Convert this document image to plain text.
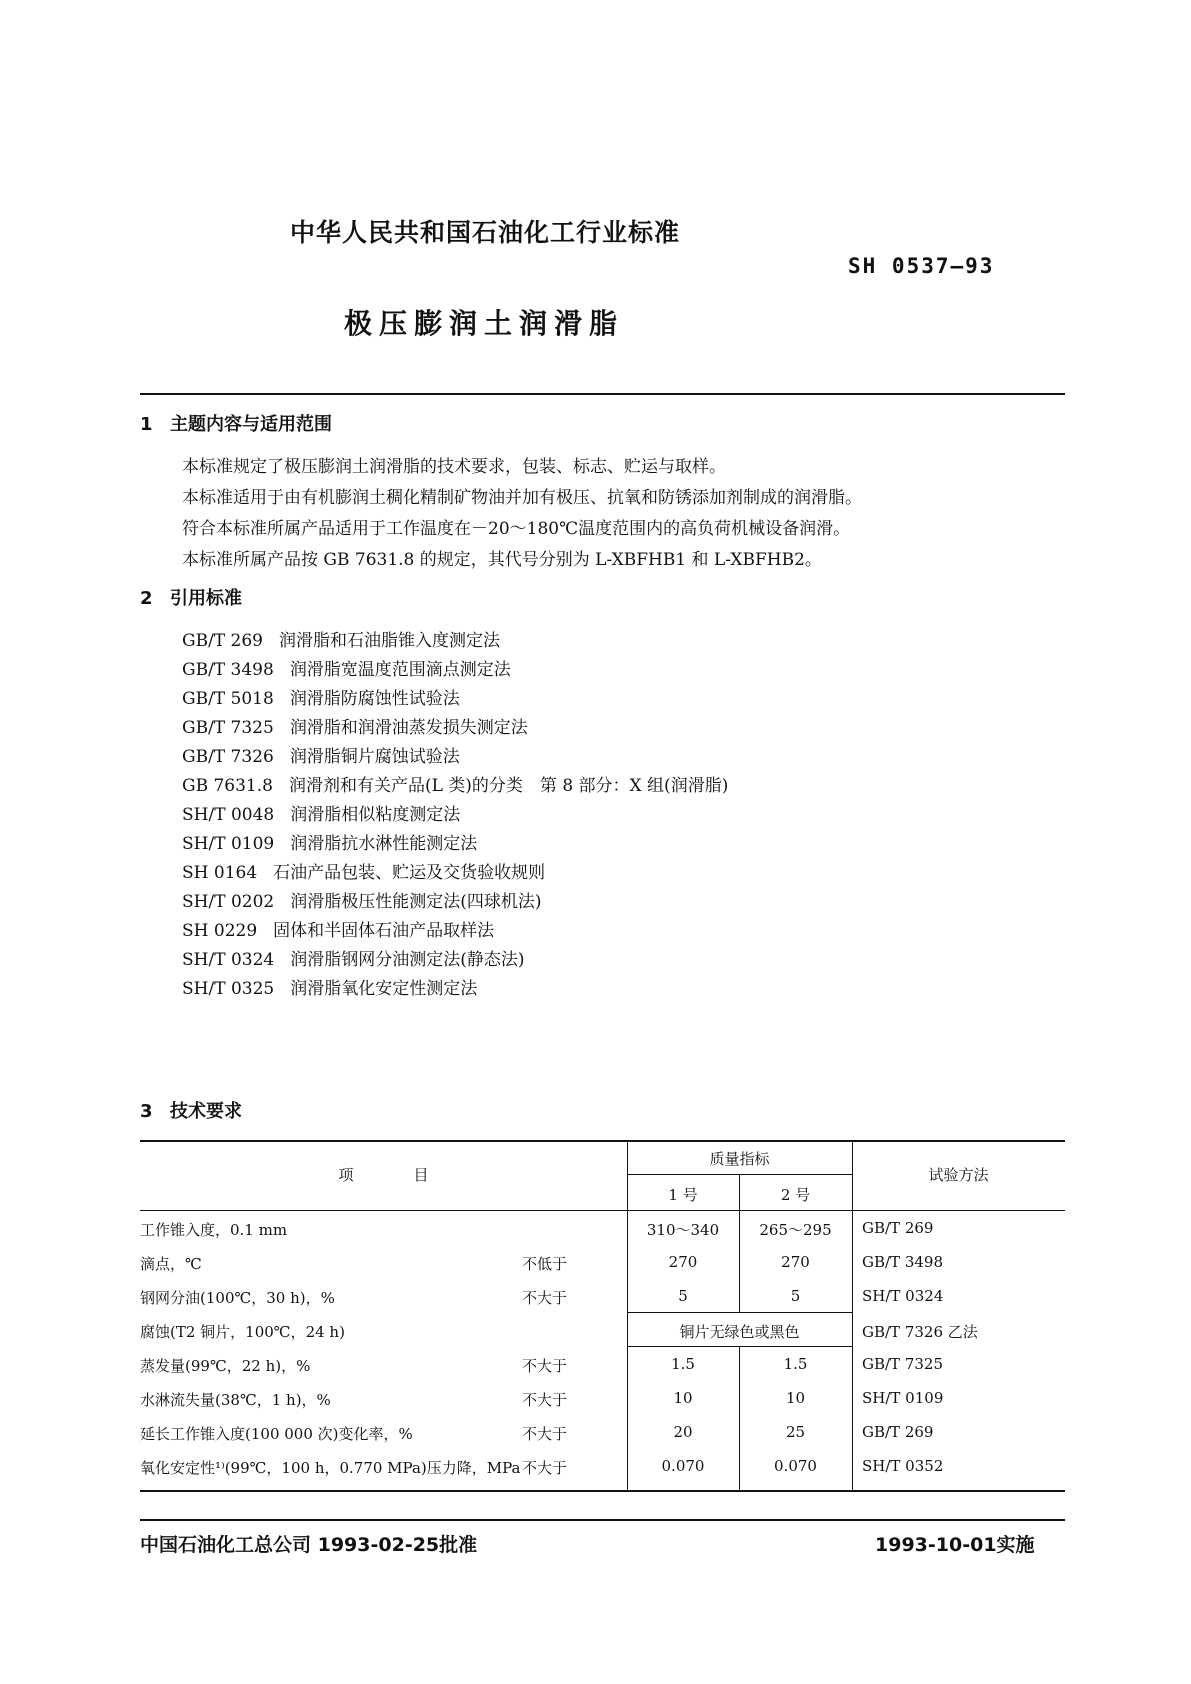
中华人民共和国石油化工行业标准
SH 0537—93
极压膨润土润滑脂
1 主题内容与适用范围
本标准规定了极压膨润土润滑脂的技术要求，包装、标志、贮运与取样。
本标准适用于由有机膨润土稠化精制矿物油并加有极压、抗氧和防锈添加剂制成的润滑脂。
符合本标准所属产品适用于工作温度在－20～180℃温度范围内的高负荷机械设备润滑。
本标准所属产品按 GB 7631.8 的规定，其代号分别为 L-XBFHB1 和 L-XBFHB2。
2 引用标准
GB/T 269 润滑脂和石油脂锥入度测定法
GB/T 3498 润滑脂宽温度范围滴点测定法
GB/T 5018 润滑脂防腐蚀性试验法
GB/T 7325 润滑脂和润滑油蒸发损失测定法
GB/T 7326 润滑脂铜片腐蚀试验法
GB 7631.8 润滑剂和有关产品(L 类)的分类　第 8 部分：X 组(润滑脂)
SH/T 0048 润滑脂相似粘度测定法
SH/T 0109 润滑脂抗水淋性能测定法
SH 0164 石油产品包装、贮运及交货验收规则
SH/T 0202 润滑脂极压性能测定法(四球机法)
SH 0229 固体和半固体石油产品取样法
SH/T 0324 润滑脂钢网分油测定法(静态法)
SH/T 0325 润滑脂氧化安定性测定法
3 技术要求
项　　　　目
质量指标
1 号	2 号
试验方法
工作锥入度，0.1 mm	310～340	265～295	GB/T 269
滴点，℃	不低于	270	270	GB/T 3498
钢网分油(100℃，30 h)，%	不大于	5	5	SH/T 0324
腐蚀(T2 铜片，100℃，24 h)	铜片无绿色或黑色	GB/T 7326 乙法
蒸发量(99℃，22 h)，%	不大于	1.5	1.5	GB/T 7325
水淋流失量(38℃，1 h)，%	不大于	10	10	SH/T 0109
延长工作锥入度(100 000 次)变化率，%	不大于	20	25	GB/T 269
氧化安定性¹⁾(99℃，100 h，0.770 MPa)压力降，MPa 不大于	0.070	0.070	SH/T 0352
中国石油化工总公司 1993-02-25批准	1993-10-01实施
